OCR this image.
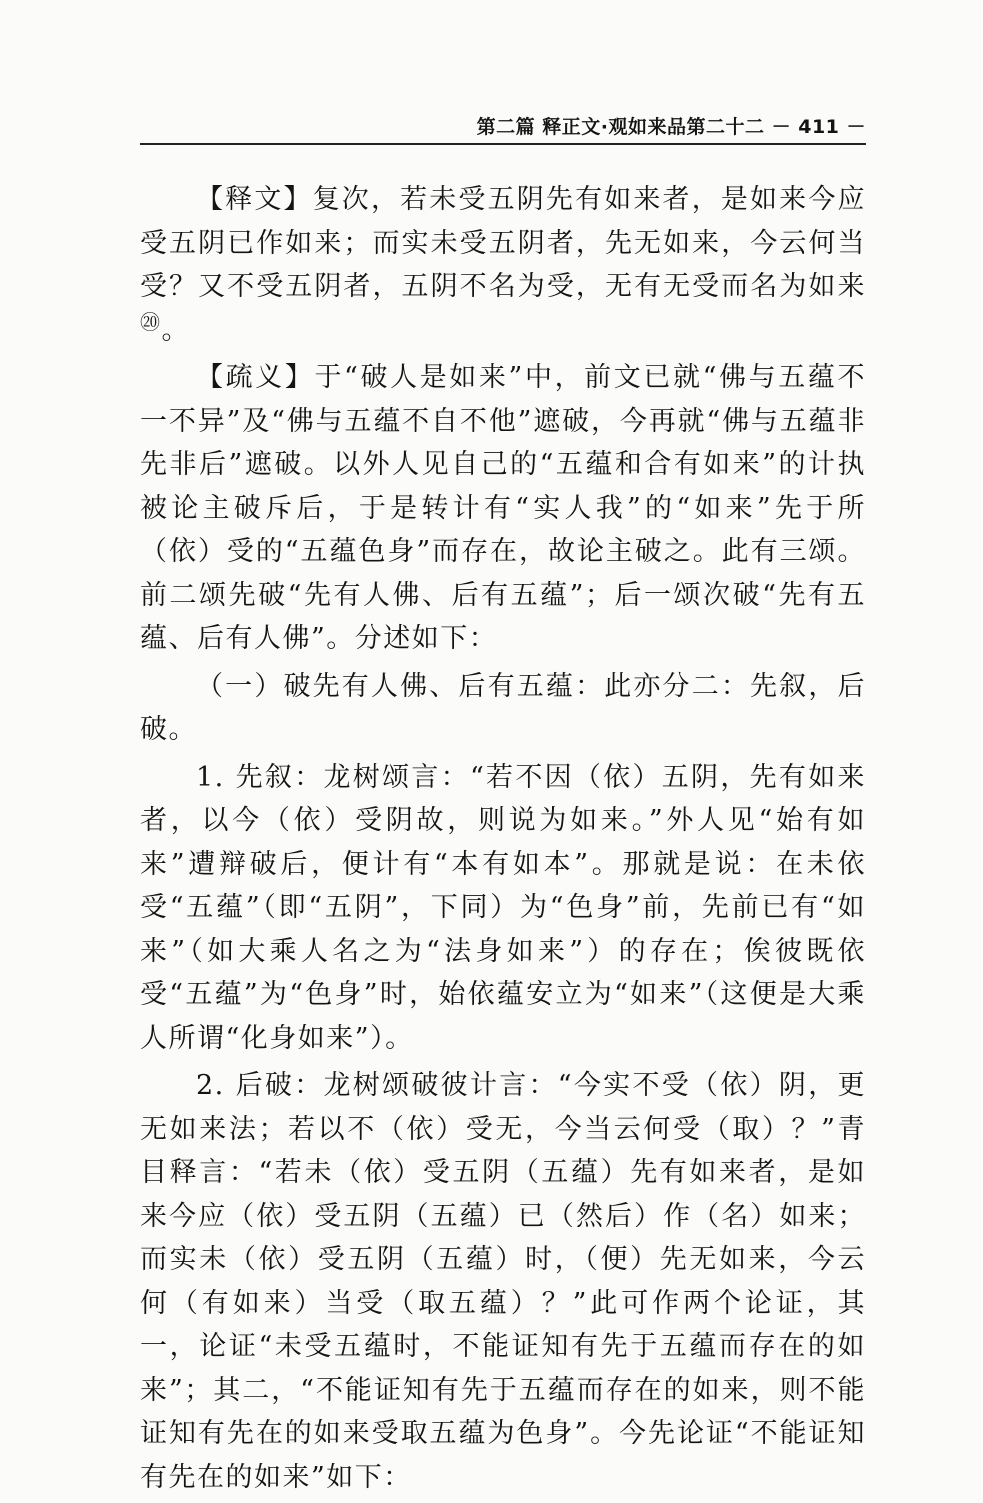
第二篇 释正文·观如来品第二十二 － 411 －

【释文】复次，若未受五阴先有如来者，是如来今应受五阴已作如来；而实未受五阴者，先无如来，今云何当受？又不受五阴者，五阴不名为受，无有无受而名为如来⑳。

【疏义】于“破人是如来”中，前文已就“佛与五蕴不一不异”及“佛与五蕴不自不他”遮破，今再就“佛与五蕴非先非后”遮破。以外人见自己的“五蕴和合有如来”的计执被论主破斥后，于是转计有“实人我”的“如来”先于所（依）受的“五蕴色身”而存在，故论主破之。此有三颂。前二颂先破“先有人佛、后有五蕴”；后一颂次破“先有五蕴、后有人佛”。分述如下：

（一）破先有人佛、后有五蕴：此亦分二：先叙，后破。

1. 先叙：龙树颂言：“若不因（依）五阴，先有如来者，以今（依）受阴故，则说为如来。”外人见“始有如来”遭辩破后，便计有“本有如本”。那就是说：在未依受“五蕴”（即“五阴”，下同）为“色身”前，先前已有“如来”（如大乘人名之为“法身如来”）的存在；俟彼既依受“五蕴”为“色身”时，始依蕴安立为“如来”（这便是大乘人所谓“化身如来”）。

2. 后破：龙树颂破彼计言：“今实不受（依）阴，更无如来法；若以不（依）受无，今当云何受（取）？”青目释言：“若未（依）受五阴（五蕴）先有如来者，是如来今应（依）受五阴（五蕴）已（然后）作（名）如来；而实未（依）受五阴（五蕴）时，（便）先无如来，今云何（有如来）当受（取五蕴）？”此可作两个论证，其一，论证“未受五蕴时，不能证知有先于五蕴而存在的如来”；其二，“不能证知有先于五蕴而存在的如来，则不能证知有先在的如来受取五蕴为色身”。今先论证“不能证知有先在的如来”如下：
